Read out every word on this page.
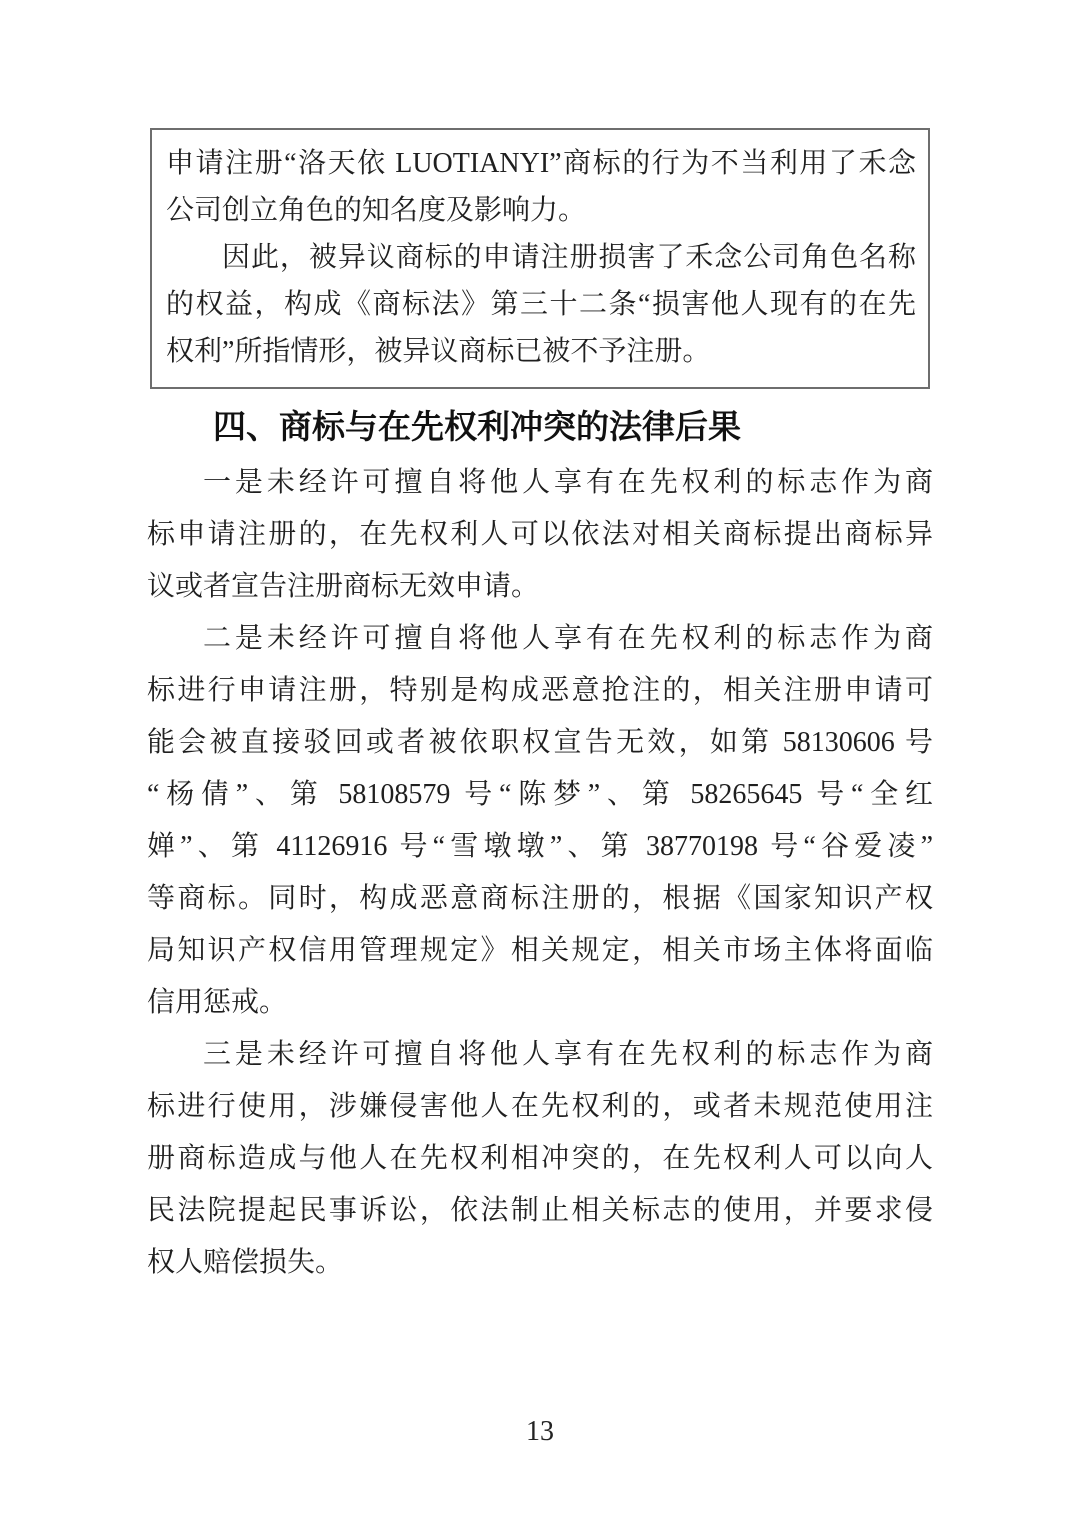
申请注册“洛天依 LUOTIANYI”商标的行为不当利用了禾念
公司创立角色的知名度及影响力。
因此，被异议商标的申请注册损害了禾念公司角色名称
的权益，构成《商标法》第三十二条“损害他人现有的在先
权利”所指情形，被异议商标已被不予注册。
四、商标与在先权利冲突的法律后果
一是未经许可擅自将他人享有在先权利的标志作为商
标申请注册的，在先权利人可以依法对相关商标提出商标异
议或者宣告注册商标无效申请。
二是未经许可擅自将他人享有在先权利的标志作为商
标进行申请注册，特别是构成恶意抢注的，相关注册申请可
能会被直接驳回或者被依职权宣告无效，如第 58130606 号
“杨倩”、第 58108579 号“陈梦”、第 58265645 号“全红
婵”、第 41126916 号“雪墩墩”、第 38770198 号“谷爱凌”
等商标。同时，构成恶意商标注册的，根据《国家知识产权
局知识产权信用管理规定》相关规定，相关市场主体将面临
信用惩戒。
三是未经许可擅自将他人享有在先权利的标志作为商
标进行使用，涉嫌侵害他人在先权利的，或者未规范使用注
册商标造成与他人在先权利相冲突的，在先权利人可以向人
民法院提起民事诉讼，依法制止相关标志的使用，并要求侵
权人赔偿损失。
13
